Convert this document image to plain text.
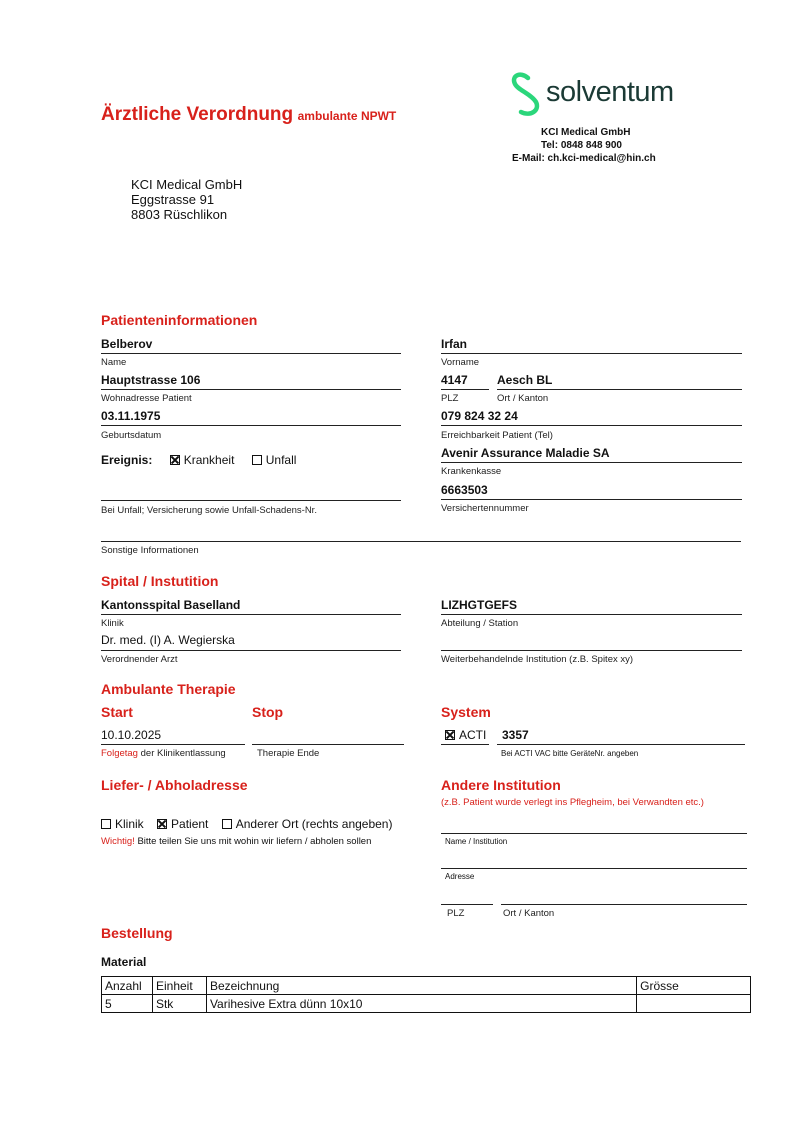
Ärztliche Verordnung ambulante NPWT
solventum
KCI Medical GmbH
Tel: 0848 848 900
E-Mail: ch.kci-medical@hin.ch
KCI Medical GmbH
Eggstrasse 91
8803 Rüschlikon
Patienteninformationen
Belberov
Name
Irfan
Vorname
Hauptstrasse 106
Wohnadresse Patient
4147
PLZ
Aesch BL
Ort / Kanton
03.11.1975
Geburtsdatum
079 824 32 24
Erreichbarkeit Patient (Tel)
Ereignis:	Krankheit	Unfall	Avenir Assurance Maladie SA
Krankenkasse
6663503
Bei Unfall; Versicherung sowie Unfall-Schadens-Nr.	Versichertennummer
Sonstige Informationen
Spital / Instutition
Kantonsspital Baselland
Klinik
LIZHGTGEFS
Abteilung / Station
Dr. med. (I) A. Wegierska
Verordnender Arzt	Weiterbehandelnde Institution (z.B. Spitex xy)
Ambulante Therapie
Start	Stop	System
10.10.2025
Folgetag der Klinikentlassung	Therapie Ende
ACTI 3357
Bei ACTI VAC bitte GeräteNr. angeben
Liefer- / Abholadresse
Klinik Patient Anderer Ort (rechts angeben)
Wichtig! Bitte teilen Sie uns mit wohin wir liefern / abholen sollen
Andere Institution
(z.B. Patient wurde verlegt ins Pflegheim, bei Verwandten etc.)
Name / Institution
Adresse
PLZ	Ort / Kanton
Bestellung
Material
Anzahl	Einheit	Bezeichnung	Grösse
5	Stk	Varihesive Extra dünn 10x10	
